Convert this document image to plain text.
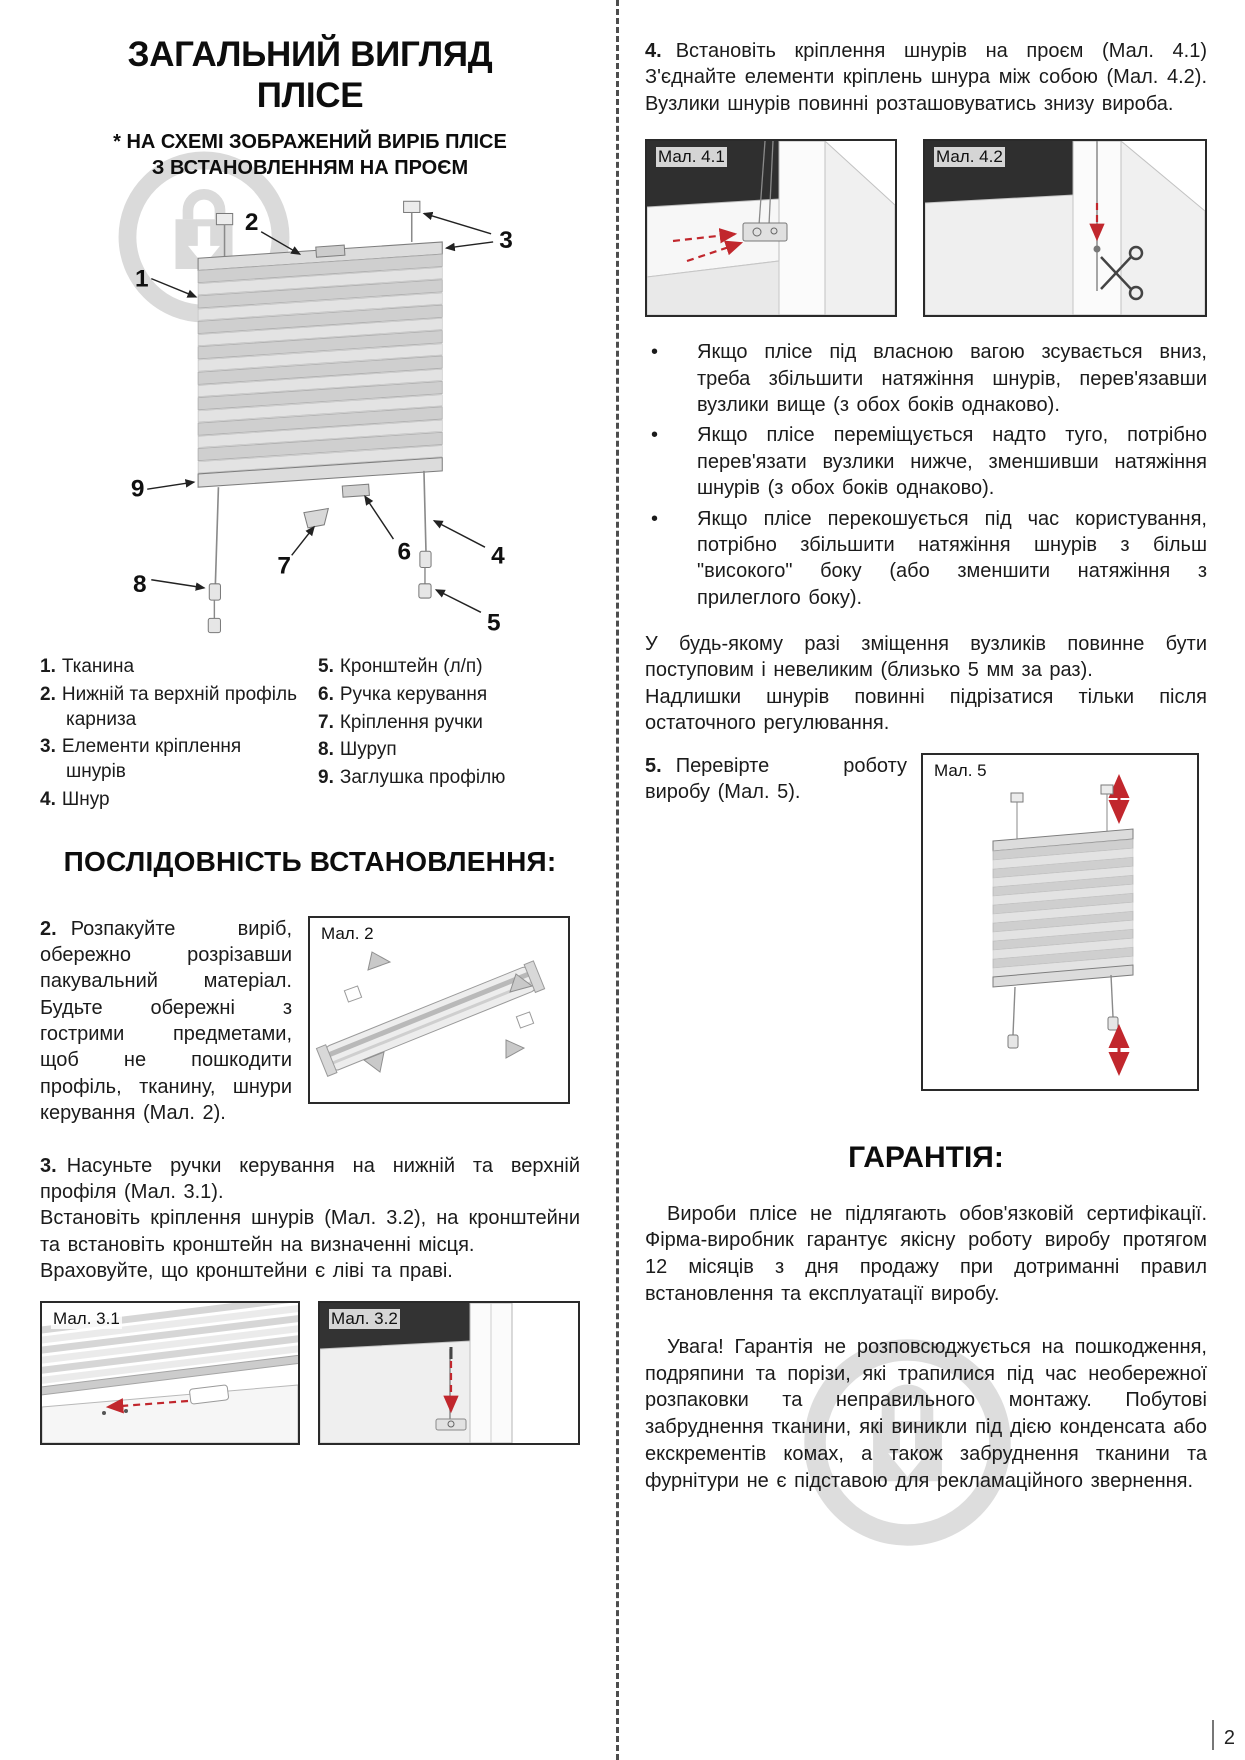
ЗАГАЛЬНИЙ ВИГЛЯД
ПЛІСЕ
* НА СХЕМІ ЗОБРАЖЕНИЙ ВИРІБ ПЛІСЕ
З ВСТАНОВЛЕННЯМ НА ПРОЄМ
1
2
3
4
5
6
7
8
9
1. Тканина
2. Нижній та верхній профіль карниза
3. Елементи кріплення шнурів
4. Шнур
5. Кронштейн (л/п)
6. Ручка керування
7. Кріплення ручки
8. Шуруп
9. Заглушка профілю
ПОСЛІДОВНІСТЬ ВСТАНОВЛЕННЯ:

2. Розпакуйте виріб, обережно розрізавши пакувальний матеріал. Будьте обережні з гострими предметами, щоб не пошкодити профіль, тканину, шнури керування (Мал. 2).

Мал. 2

3. Насуньте ручки керування на нижній та верхній профіля (Мал. 3.1).

Встановіть кріплення шнурів (Мал. 3.2), на кронштейни та встановіть кронштейн на визначенні місця.

Враховуйте, що кронштейни є ліві та праві.

Мал. 3.1	Мал. 3.2

4. Встановіть кріплення шнурів на проєм (Мал. 4.1) З'єднайте елементи кріплень шнура між собою (Мал. 4.2). Вузлики шнурів повинні розташовуватись знизу вироба.

Мал. 4.1	Мал. 4.2
• Якщо плісе під власною вагою зсувається вниз, треба збільшити натяжіння шнурів, перев'язавши вузлики вище (з обох боків однаково).
• Якщо плісе переміщується надто туго, потрібно перев'язати вузлики нижче, зменшивши натяжіння шнурів (з обох боків однаково).
• Якщо плісе перекошується під час користування, потрібно збільшити натяжіння шнурів з більш "високого" боку (або зменшити натяжіння з прилеглого боку).

У будь-якому разі зміщення вузликів повинне бути поступовим і невеликим (близько 5 мм за раз).

Надлишки шнурів повинні підрізатися тільки після остаточного регулювання.

5. Перевірте роботу виробу (Мал. 5).

Мал. 5
ГАРАНТІЯ:

Вироби плісе не підлягають обов'язковій сертифікації. Фірма-виробник гарантує якісну роботу виробу протягом 12 місяців з дня продажу при дотриманні правил встановлення та експлуатації виробу.

Увага! Гарантія не розповсюджується на пошкодження, подряпини та порізи, які трапилися під час необережної розпаковки та неправильного монтажу. Побутові забруднення тканини, які виникли під дією конденсата або екскрементів комах, а також забруднення тканини та фурнітури не є підставою для рекламаційного звернення.

2
